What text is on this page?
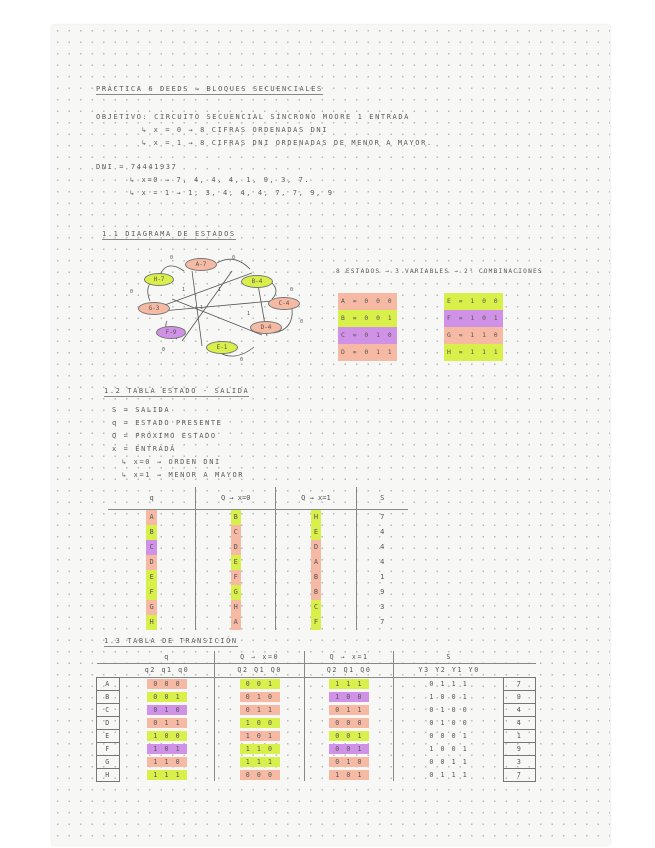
PRÁCTICA 6 DEEDS → BLOQUES SECUENCIALES
OBJETIVO: CIRCUITO SECUENCIAL SÍNCRONO MOORE 1 ENTRADA
↳ x = 0 → 8 CIFRAS ORDENADAS DNI
↳ x = 1 → 8 CIFRAS DNI ORDENADAS DE MENOR A MAYOR.
DNI = 74441937
↳ x=0 → 7, 4, 4, 4, 1, 9, 3, 7.
↳ x = 1 → 1, 3, 4, 4, 4, 7, 7, 9, 9
1.1 DIAGRAMA DE ESTADOS
0	0
0
0
0
0
0	1
1
1
1
A-7
B-4
C-4
D-4
E-1
F-9
G-3
H-7
8 ESTADOS → 3 VARIABLES → 2³ COMBINACIONES
A = 0 0 0
B = 0 0 1
C = 0 1 0
D = 0 1 1
E = 1 0 0
F = 1 0 1
G = 1 1 0
H = 1 1 1
1.2 TABLA ESTADO - SALIDA
S = SALIDA
q = ESTADO PRESENTE
Q = PRÓXIMO ESTADO
x = ENTRADA
↳ x=0 → ORDEN DNI
↳ x=1 → MENOR A MAYOR
q	Q → x=0	Q → x=1	S
A	B	H	7
B	C	E	4
C	D	D	4
D	E	A	4
E	F	B	1
F	G	B	9
G	H	C	3
H	A	F	7
1.3 TABLA DE TRANSICIÓN
	q	Q → x=0	Q → x=1	S	
	q2 q1 q0	Q2 Q1 Q0	Q2 Q1 Q0	Y3 Y2 Y1 Y0	
A	0 0 0	0 0 1	1 1 1	0 1 1 1	7
B	0 0 1	0 1 0	1 0 0	1 0 0 1	9
C	0 1 0	0 1 1	0 1 1	0 1 0 0	4
D	0 1 1	1 0 0	0 0 0	0 1 0 0	4
E	1 0 0	1 0 1	0 0 1	0 0 0 1	1
F	1 0 1	1 1 0	0 0 1	1 0 0 1	9
G	1 1 0	1 1 1	0 1 0	0 0 1 1	3
H	1 1 1	0 0 0	1 0 1	0 1 1 1	7
